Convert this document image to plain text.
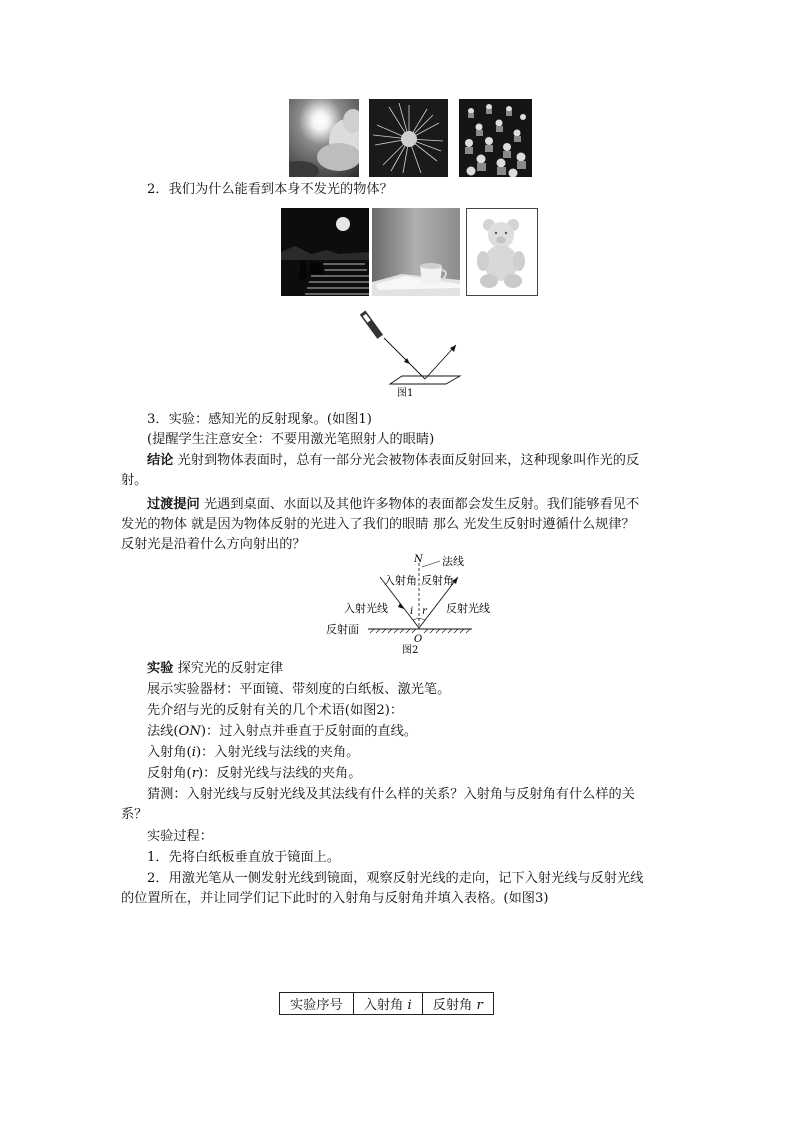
2．我们为什么能看到本身不发光的物体？
图1
3．实验：感知光的反射现象。(如图1)
(提醒学生注意安全：不要用激光笔照射人的眼睛)
结论 光射到物体表面时，总有一部分光会被物体表面反射回来，这种现象叫作光的反
射。
过渡提问 光遇到桌面、水面以及其他许多物体的表面都会发生反射。我们能够看见不
发光的物体 就是因为物体反射的光进入了我们的眼睛 那么 光发生反射时遵循什么规律？
反射光是沿着什么方向射出的？
N 法线
入射角 反射角
入射光线	反射光线
i r
反射面
O
图2
实验 探究光的反射定律
展示实验器材：平面镜、带刻度的白纸板、激光笔。
先介绍与光的反射有关的几个术语(如图2)：
法线(ON)：过入射点并垂直于反射面的直线。
入射角(i)：入射光线与法线的夹角。
反射角(r)：反射光线与法线的夹角。
猜测：入射光线与反射光线及其法线有什么样的关系？入射角与反射角有什么样的关
系？
实验过程：
1．先将白纸板垂直放于镜面上。
2．用激光笔从一侧发射光线到镜面，观察反射光线的走向，记下入射光线与反射光线
的位置所在，并让同学们记下此时的入射角与反射角并填入表格。(如图3)
实验序号	入射角 i	反射角 r
